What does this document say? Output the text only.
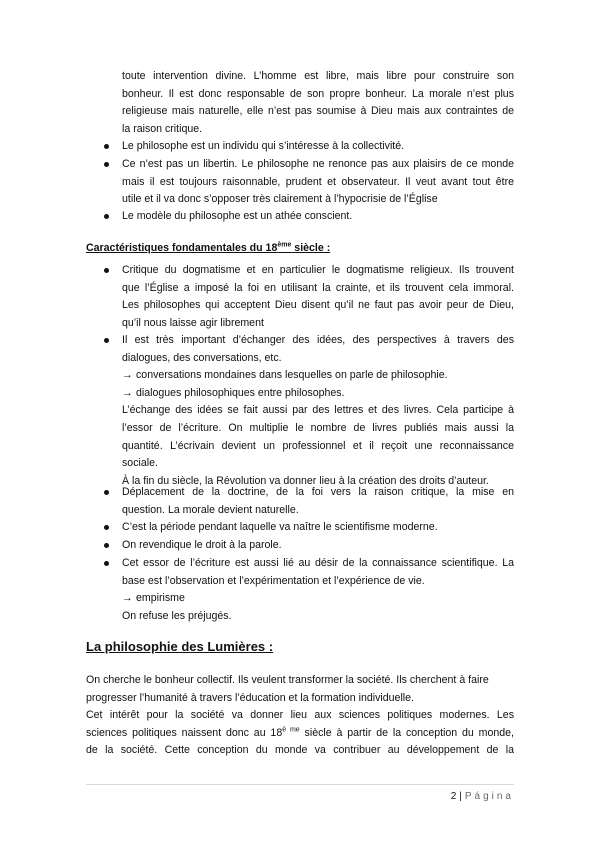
toute intervention divine. L’homme est libre, mais libre pour construire son
bonheur. Il est donc responsable de son propre bonheur. La morale n’est plus
religieuse mais naturelle, elle n’est pas soumise à Dieu mais aux contraintes de
la raison critique.
Le philosophe est un individu qui s’intéresse à la collectivité.
Ce n’est pas un libertin. Le philosophe ne renonce pas aux plaisirs de ce monde
mais il est toujours raisonnable, prudent et observateur. Il veut avant tout être
utile et il va donc s’opposer très clairement à l’hypocrisie de l’Église
Le modèle du philosophe est un athée conscient.
Caractéristiques fondamentales du 18ème siècle :
Critique du dogmatisme et en particulier le dogmatisme religieux. Ils trouvent
que l’Église a imposé la foi en utilisant la crainte, et ils trouvent cela immoral.
Les philosophes qui acceptent Dieu disent qu’il ne faut pas avoir peur de Dieu,
qu’il nous laisse agir librement
Il est très important d’échanger des idées, des perspectives à travers des
dialogues, des conversations, etc.
→ conversations mondaines dans lesquelles on parle de philosophie.
→ dialogues philosophiques entre philosophes.
L’échange des idées se fait aussi par des lettres et des livres. Cela participe à
l’essor de l’écriture. On multiplie le nombre de livres publiés mais aussi la
quantité. L’écrivain devient un professionnel et il reçoit une reconnaissance
sociale.
À la fin du siècle, la Révolution va donner lieu à la création des droits d’auteur.
Déplacement de la doctrine, de la foi vers la raison critique, la mise en
question. La morale devient naturelle.
C’est la période pendant laquelle va naître le scientifisme moderne.
On revendique le droit à la parole.
Cet essor de l’écriture est aussi lié au désir de la connaissance scientifique. La
base est l’observation et l’expérimentation et l’expérience de vie.
→ empirisme
On refuse les préjugés.
La philosophie des Lumières :
On cherche le bonheur collectif. Ils veulent transformer la société. Ils cherchent à faire
progresser l’humanité à travers l’éducation et la formation individuelle.
Cet intérêt pour la société va donner lieu aux sciences politiques modernes. Les
sciences politiques naissent donc au $18^{è me}$ siècle à partir de la conception du monde,
de la société. Cette conception du monde va contribuer au développement de la
2 | Página
